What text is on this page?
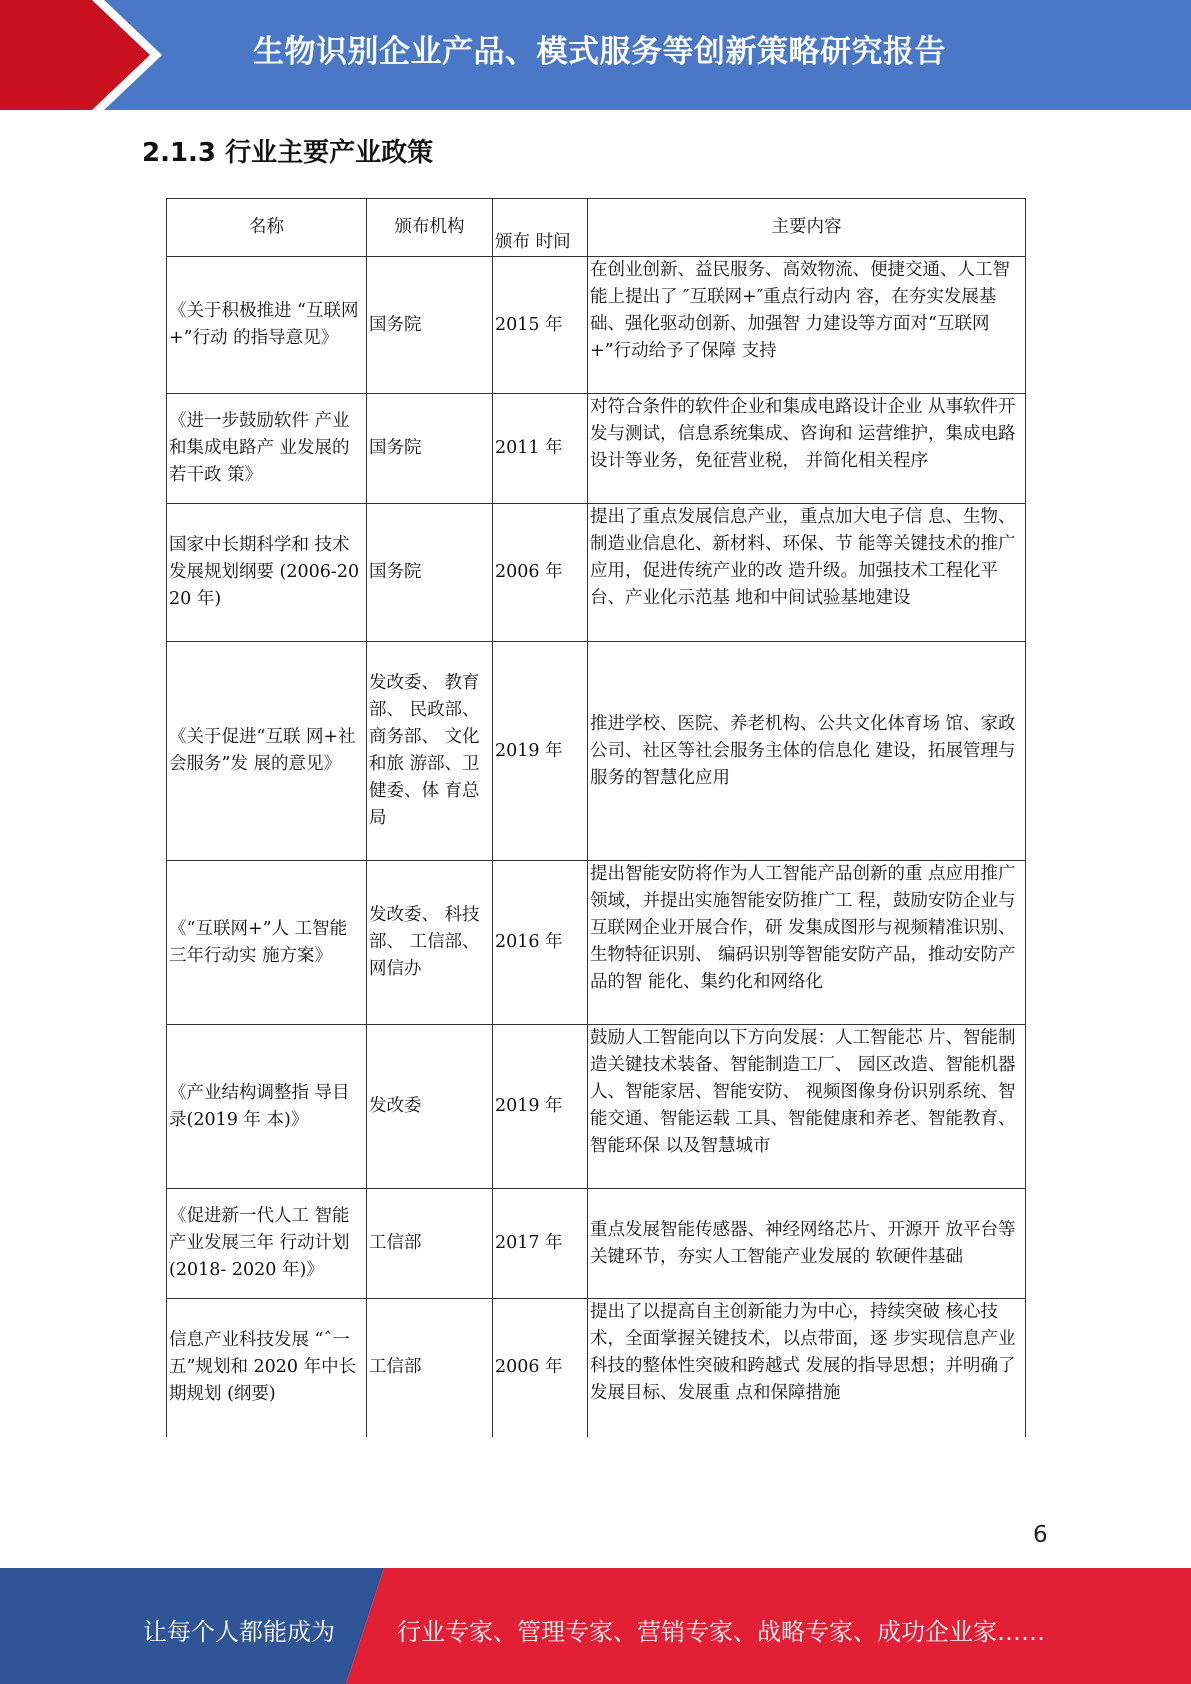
生物识别企业产品、模式服务等创新策略研究报告
2.1.3 行业主要产业政策
名称	颁布机构	颁布 时间	主要内容
《关于积极推进 “互联网+”行动 的指导意见》	国务院	2015 年	在创业创新、益民服务、高效物流、便捷交通、人工智能上提出了 ″互联网+″重点行动内 容，在夯实发展基础、强化驱动创新、加强智 力建设等方面对“互联网+”行动给予了保障 支持
《进一步鼓励软件 产业和集成电路产 业发展的若干政 策》	国务院	2011 年	对符合条件的软件企业和集成电路设计企业 从事软件开发与测试，信息系统集成、咨询和 运营维护，集成电路设计等业务，免征营业税， 并简化相关程序
国家中长期科学和 技术发展规划纲要 (2006-2020 年)	国务院	2006 年	提出了重点发展信息产业，重点加大电子信 息、生物、制造业信息化、新材料、环保、节 能等关键技术的推广应用，促进传统产业的改 造升级。加强技术工程化平台、产业化示范基 地和中间试验基地建设
《关于促进“互联 网+社会服务”发 展的意见》	发改委、 教育部、 民政部、 商务部、 文化和旅 游部、卫 健委、体 育总局	2019 年	推进学校、医院、养老机构、公共文化体育场 馆、家政公司、社区等社会服务主体的信息化 建设，拓展管理与服务的智慧化应用
《“互联网+”人 工智能三年行动实 施方案》	发改委、 科技部、 工信部、 网信办	2016 年	提出智能安防将作为人工智能产品创新的重 点应用推广领域，并提出实施智能安防推广工 程，鼓励安防企业与互联网企业开展合作，研 发集成图形与视频精准识别、生物特征识别、 编码识别等智能安防产品，推动安防产品的智 能化、集约化和网络化
《产业结构调整指 导目录(2019 年 本)》	发改委	2019 年	鼓励人工智能向以下方向发展：人工智能芯 片、智能制造关键技术装备、智能制造工厂、 园区改造、智能机器人、智能家居、智能安防、 视频图像身份识别系统、智能交通、智能运载 工具、智能健康和养老、智能教育、智能环保 以及智慧城市
《促进新一代人工 智能产业发展三年 行动计划(2018- 2020 年)》	工信部	2017 年	重点发展智能传感器、神经网络芯片、开源开 放平台等关键环节，夯实人工智能产业发展的 软硬件基础
信息产业科技发展 “ˆ一五”规划和 2020 年中长期规划 (纲要)	工信部	2006 年	提出了以提高自主创新能力为中心，持续突破 核心技术，全面掌握关键技术，以点带面，逐 步实现信息产业科技的整体性突破和跨越式 发展的指导思想；并明确了发展目标、发展重 点和保障措施
6
让每个人都能成为	行业专家、管理专家、营销专家、战略专家、成功企业家……
